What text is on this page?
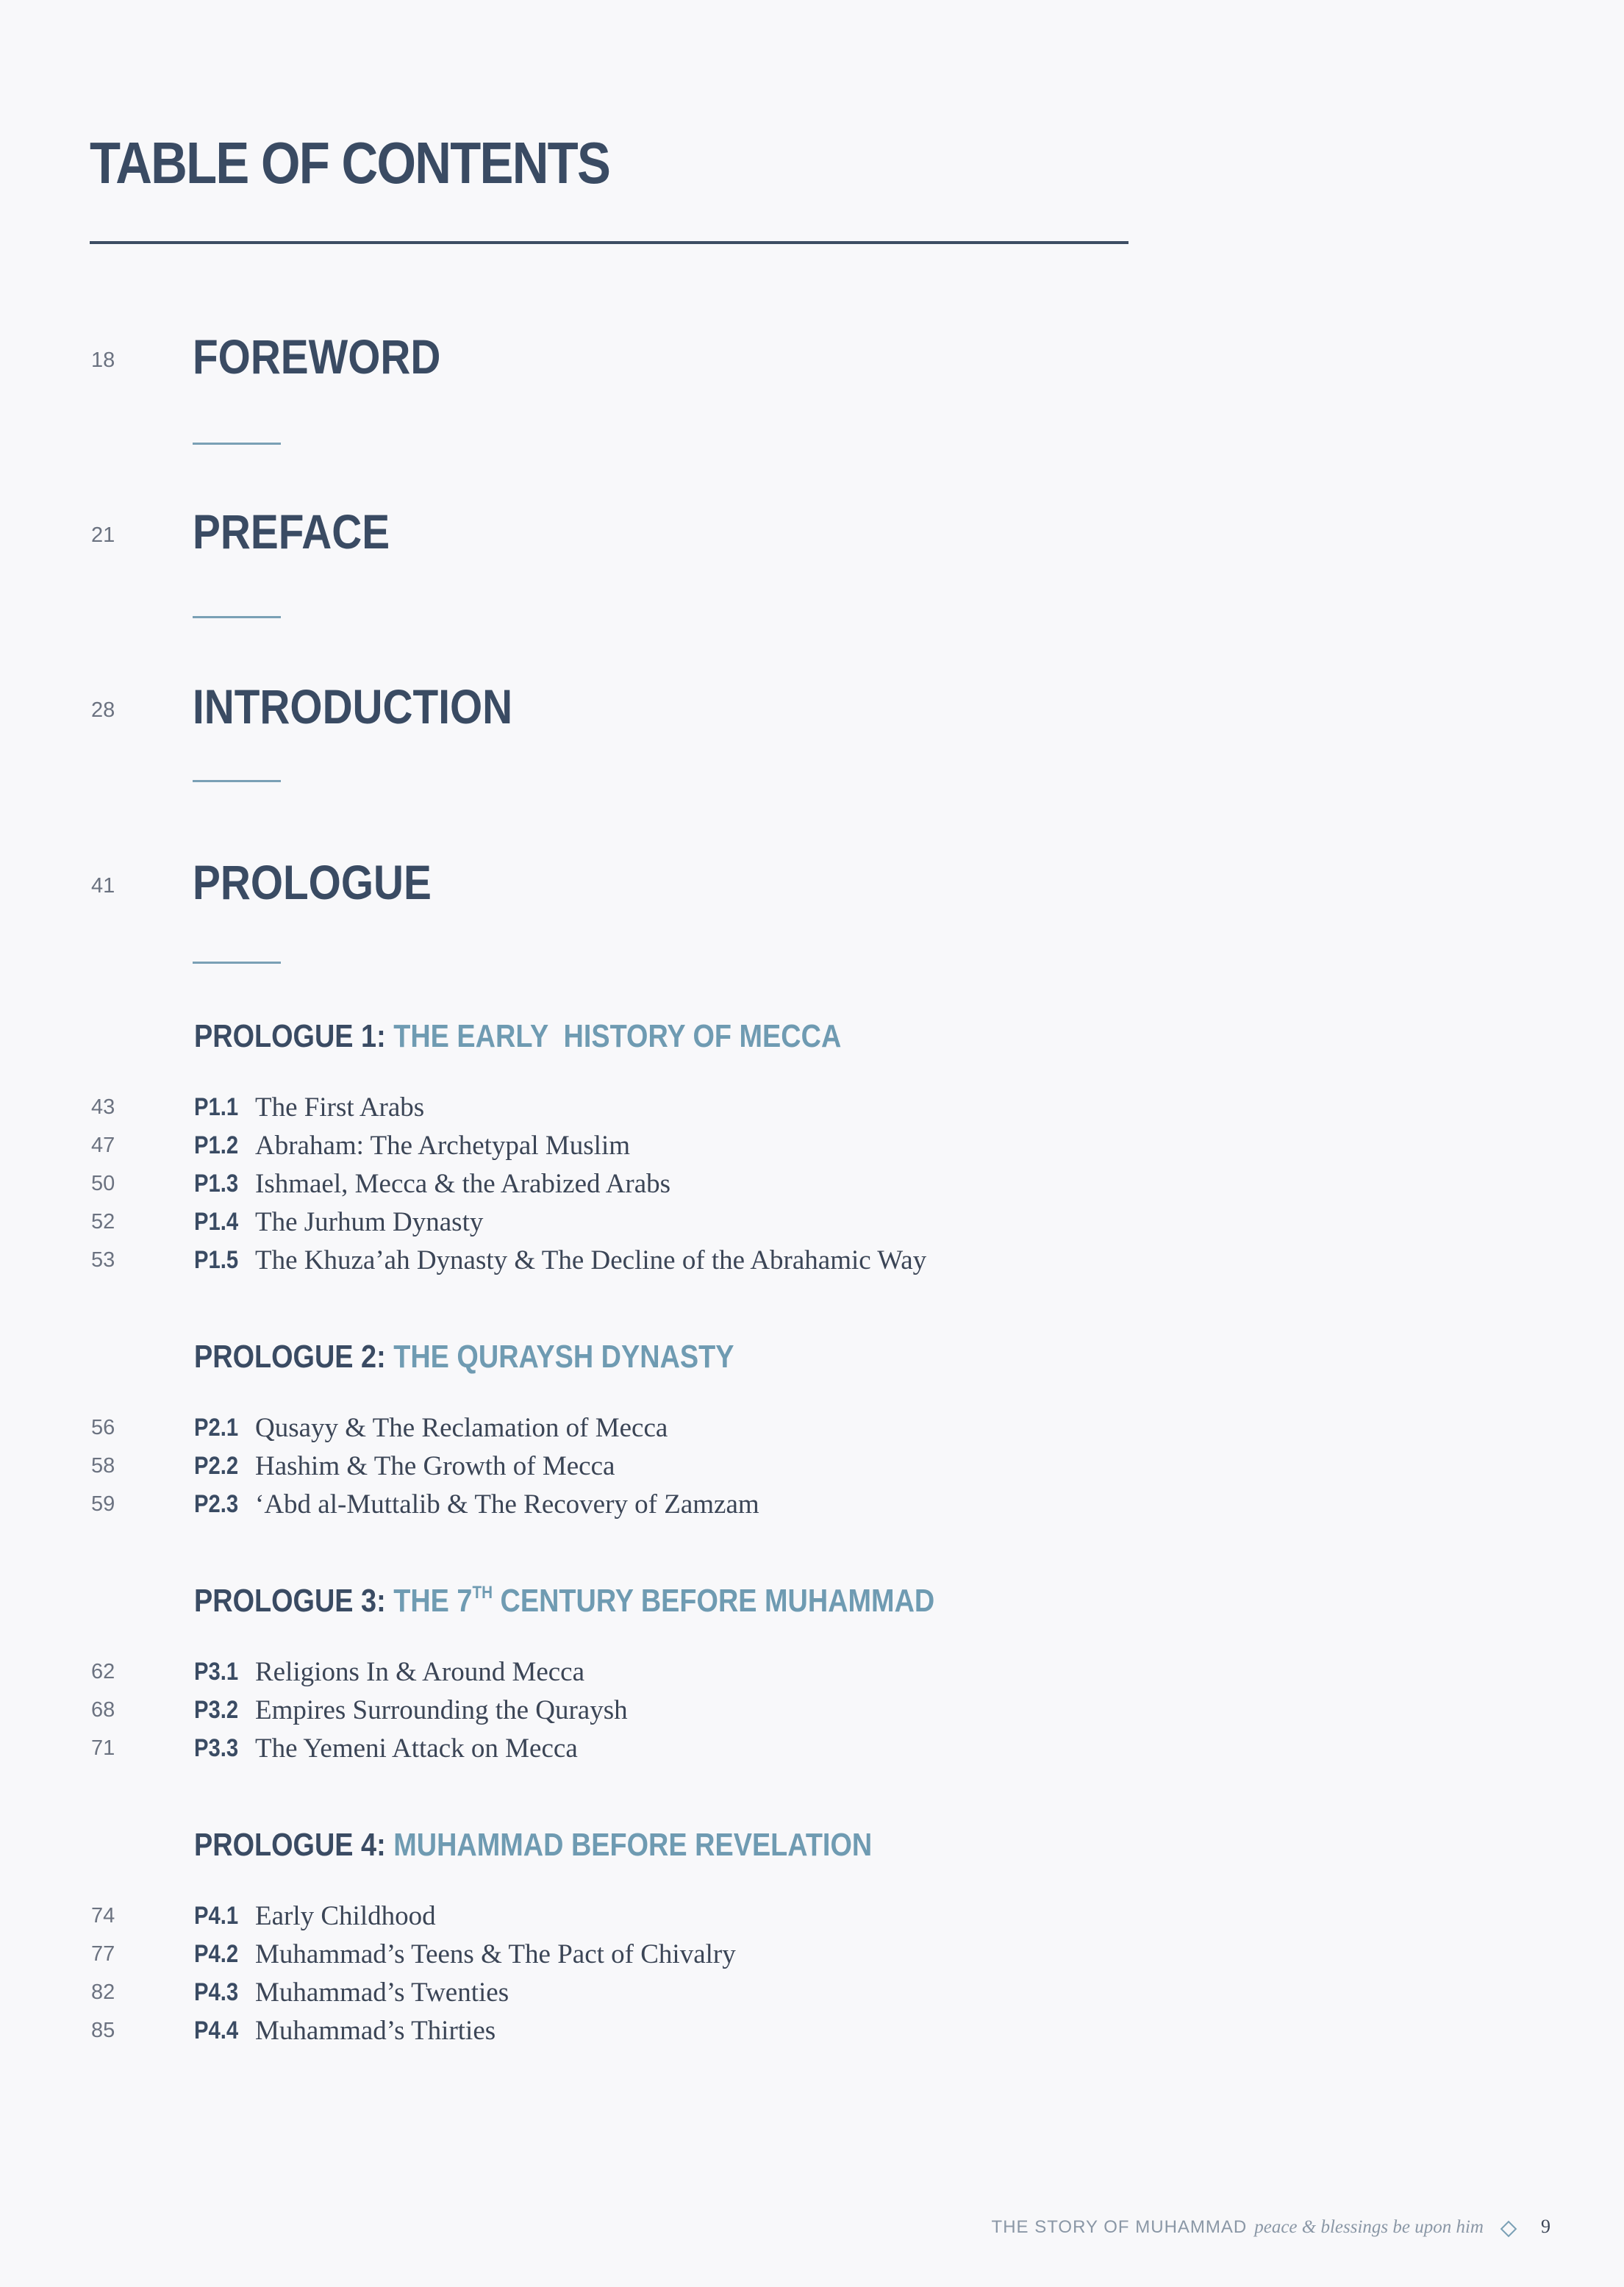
TABLE OF CONTENTS
18 FOREWORD
21 PREFACE
28 INTRODUCTION
41 PROLOGUE
PROLOGUE 1: THE EARLY  HISTORY OF MECCA
43	P1.1 The First Arabs
47	P1.2 Abraham: The Archetypal Muslim
50	P1.3 Ishmael, Mecca & the Arabized Arabs
52	P1.4 The Jurhum Dynasty
53	P1.5 The Khuza’ah Dynasty & The Decline of the Abrahamic Way
PROLOGUE 2: THE QURAYSH DYNASTY
56	P2.1 Qusayy & The Reclamation of Mecca
58	P2.2 Hashim & The Growth of Mecca
59	P2.3 ‘Abd al-Muttalib & The Recovery of Zamzam
PROLOGUE 3: THE 7TH CENTURY BEFORE MUHAMMAD
62	P3.1 Religions In & Around Mecca
68	P3.2 Empires Surrounding the Quraysh
71	P3.3 The Yemeni Attack on Mecca
PROLOGUE 4: MUHAMMAD BEFORE REVELATION
74	P4.1 Early Childhood
77	P4.2 Muhammad’s Teens & The Pact of Chivalry
82	P4.3 Muhammad’s Twenties
85	P4.4 Muhammad’s Thirties
THE STORY OF MUHAMMAD peace & blessings be upon him	9
